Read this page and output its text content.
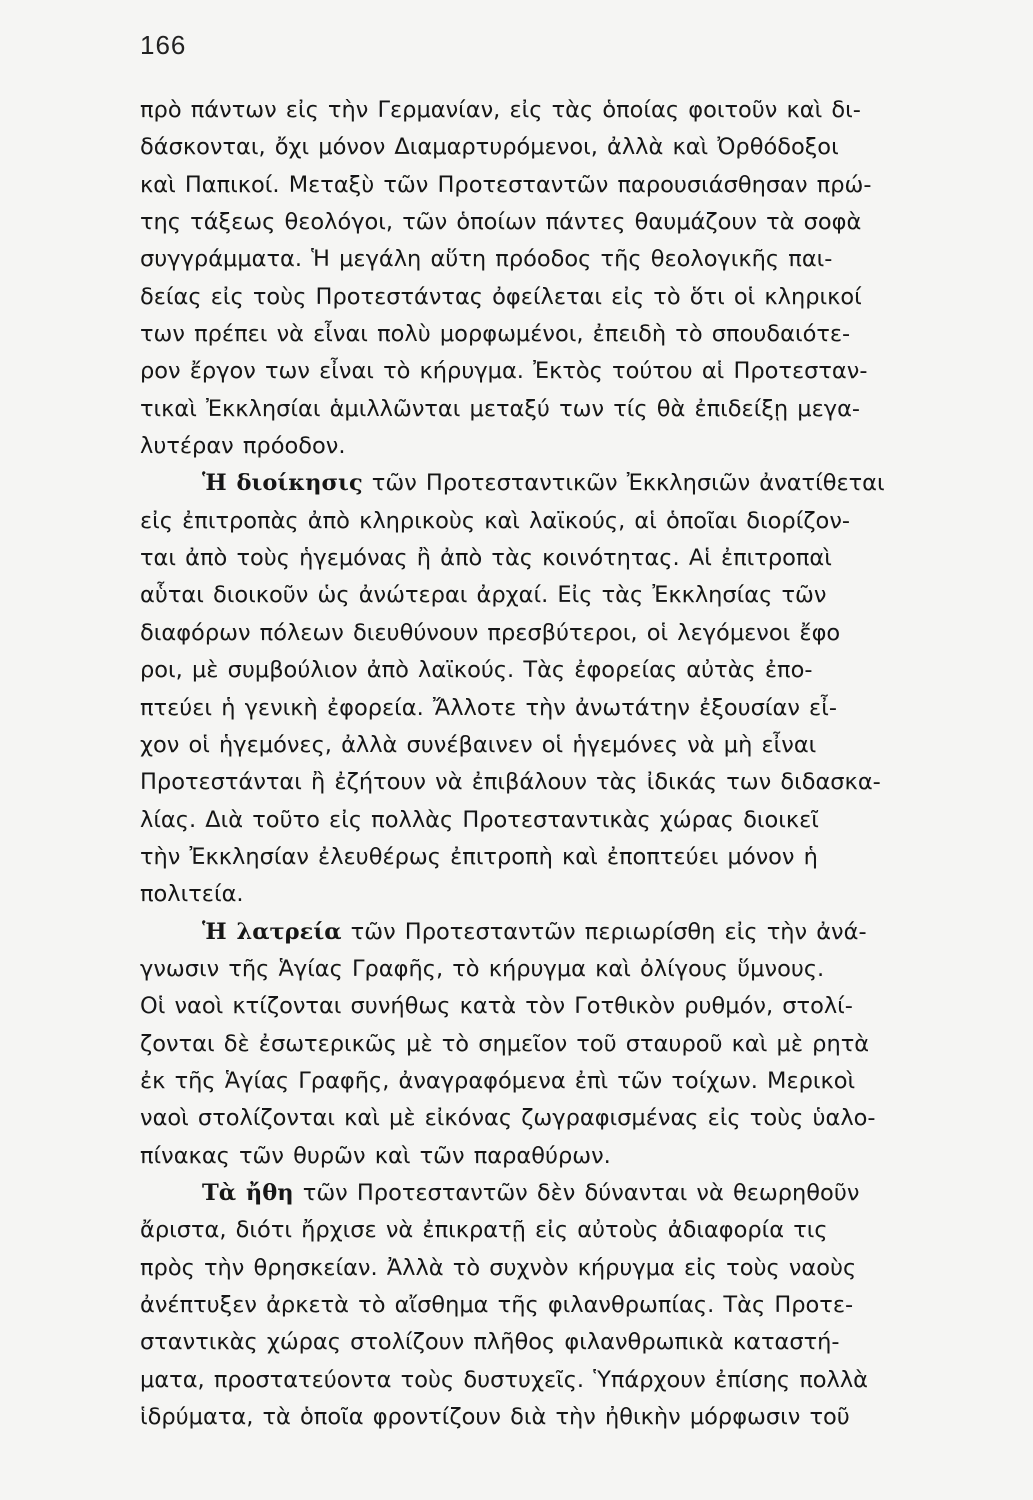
166
πρὸ πάντων εἰς τὴν Γερμανίαν, εἰς τὰς ὁποίας φοιτοῦν καὶ δι-
δάσκονται, ὄχι μόνον Διαμαρτυρόμενοι, ἀλλὰ καὶ Ὀρθόδοξοι
καὶ Παπικοί. Μεταξὺ τῶν Προτεσταντῶν παρουσιάσθησαν πρώ-
της τάξεως θεολόγοι, τῶν ὁποίων πάντες θαυμάζουν τὰ σοφὰ
συγγράμματα. Ἡ μεγάλη αὕτη πρόοδος τῆς θεολογικῆς παι-
δείας εἰς τοὺς Προτεστάντας ὀφείλεται εἰς τὸ ὅτι οἱ κληρικοί
των πρέπει νὰ εἶναι πολὺ μορφωμένοι, ἐπειδὴ τὸ σπουδαιότε-
ρον ἔργον των εἶναι τὸ κήρυγμα. Ἐκτὸς τούτου αἱ Προτεσταν-
τικαὶ Ἐκκλησίαι ἁμιλλῶνται μεταξύ των τίς θὰ ἐπιδείξῃ μεγα-
λυτέραν πρόοδον.
Ἡ διοίκησις τῶν Προτεσταντικῶν Ἐκκλησιῶν ἀνατίθεται
εἰς ἐπιτροπὰς ἀπὸ κληρικοὺς καὶ λαϊκούς, αἱ ὁποῖαι διορίζον-
ται ἀπὸ τοὺς ἡγεμόνας ἢ ἀπὸ τὰς κοινότητας. Αἱ ἐπιτροπαὶ
αὗται διοικοῦν ὡς ἀνώτεραι ἀρχαί. Εἰς τὰς Ἐκκλησίας τῶν
διαφόρων πόλεων διευθύνουν πρεσβύτεροι, οἱ λεγόμενοι ἔφο
ροι, μὲ συμβούλιον ἀπὸ λαϊκούς. Τὰς ἐφορείας αὐτὰς ἐπο-
πτεύει ἡ γενικὴ ἐφορεία. Ἄλλοτε τὴν ἀνωτάτην ἐξουσίαν εἶ-
χον οἱ ἡγεμόνες, ἀλλὰ συνέβαινεν οἱ ἡγεμόνες νὰ μὴ εἶναι
Προτεστάνται ἢ ἐζήτουν νὰ ἐπιβάλουν τὰς ἰδικάς των διδασκα-
λίας. Διὰ τοῦτο εἰς πολλὰς Προτεσταντικὰς χώρας διοικεῖ
τὴν Ἐκκλησίαν ἐλευθέρως ἐπιτροπὴ καὶ ἐποπτεύει μόνον ἡ
πολιτεία.
Ἡ λατρεία τῶν Προτεσταντῶν περιωρίσθη εἰς τὴν ἀνά-
γνωσιν τῆς Ἁγίας Γραφῆς, τὸ κήρυγμα καὶ ὀλίγους ὕμνους.
Οἱ ναοὶ κτίζονται συνήθως κατὰ τὸν Γοτθικὸν ρυθμόν, στολί-
ζονται δὲ ἐσωτερικῶς μὲ τὸ σημεῖον τοῦ σταυροῦ καὶ μὲ ρητὰ
ἐκ τῆς Ἁγίας Γραφῆς, ἀναγραφόμενα ἐπὶ τῶν τοίχων. Μερικοὶ
ναοὶ στολίζονται καὶ μὲ εἰκόνας ζωγραφισμένας εἰς τοὺς ὑαλο-
πίνακας τῶν θυρῶν καὶ τῶν παραθύρων.
Τὰ ἤθη τῶν Προτεσταντῶν δὲν δύνανται νὰ θεωρηθοῦν
ἄριστα, διότι ἤρχισε νὰ ἐπικρατῇ εἰς αὐτοὺς ἀδιαφορία τις
πρὸς τὴν θρησκείαν. Ἀλλὰ τὸ συχνὸν κήρυγμα εἰς τοὺς ναοὺς
ἀνέπτυξεν ἀρκετὰ τὸ αἴσθημα τῆς φιλανθρωπίας. Τὰς Προτε-
σταντικὰς χώρας στολίζουν πλῆθος φιλανθρωπικὰ καταστή-
ματα, προστατεύοντα τοὺς δυστυχεῖς. Ὑπάρχουν ἐπίσης πολλὰ
ἱδρύματα, τὰ ὁποῖα φροντίζουν διὰ τὴν ἠθικὴν μόρφωσιν τοῦ
